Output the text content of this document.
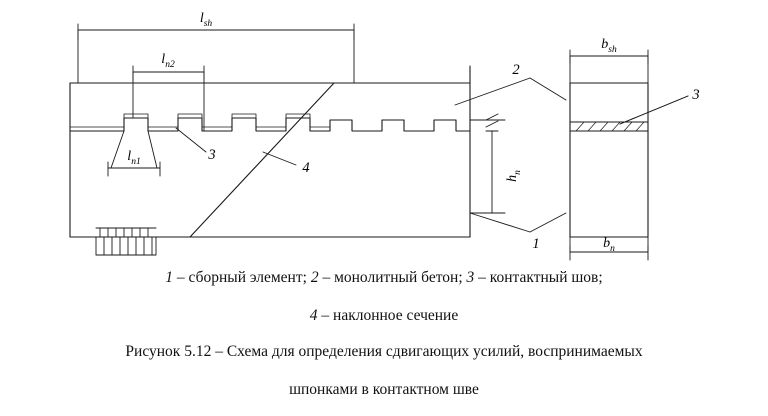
$l_{sh}$
$l_{n2}$
$l_{n1}$	3
4
2
1
3
$h_n$
$b_{sh}$
$b_n$
1 – сборный элемент; 2 – монолитный бетон; 3 – контактный шов;
4 – наклонное сечение
Рисунок 5.12 – Схема для определения сдвигающих усилий, воспринимаемых
шпонками в контактном шве
